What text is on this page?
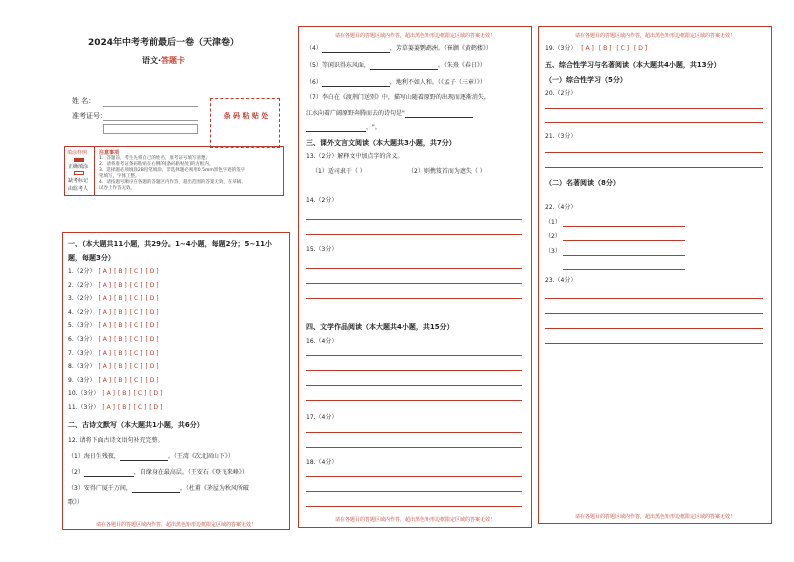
2024年中考考前最后一卷（天津卷）
语文·答题卡
姓 名：
准考证号：	条 码 粘 贴 处
填涂样例
正确填涂
缺考标记
由监考人
注意事项
1．答题前，考生先将自己的姓名，准考证号填写清楚。
2．请将准考证条码粘贴在右侧的[条码粘贴处]的方框内。
3．选择题必须填涂2B铅笔填涂，非选择题必须用0.5mm黑色字迹的签字
笔填写，字体工整。
4．请按题号顺序在各题的答题区内作答，超出范围的答案无效，在草稿、
试卷上作答无效。
一、（本大题共11小题，共29分。1~4小题，每题2分；5~11小
题，每题3分）
1.（2分） [ A ] [ B ] [ C ] [ D ]
2.（2分） [ A ] [ B ] [ C ] [ D ]
3.（2分） [ A ] [ B ] [ C ] [ D ]
4.（2分） [ A ] [ B ] [ C ] [ D ]
5.（3分） [ A ] [ B ] [ C ] [ D ]
6.（3分） [ A ] [ B ] [ C ] [ D ]
7.（3分） [ A ] [ B ] [ C ] [ D ]
8.（3分） [ A ] [ B ] [ C ] [ D ]
9.（3分） [ A ] [ B ] [ C ] [ D ]
10.（3分） [ A ] [ B ] [ C ] [ D ]
11.（3分） [ A ] [ B ] [ C ] [ D ]
二、古诗文默写（本大题共1小题，共6分）
12. 请将下面古诗文语句补充完整。
（1）海日生残夜，	。（王湾《次北固山下》）
（2）	，自缘身在最高层。（王安石《登飞来峰》）
（3）安得广厦千万间，	。（杜甫《茅屋为秋风所破
歌》）
请在各题目的答题区域内作答，超出黑色矩形边框限定区域的答案无效！
请在各题目的答题区域内作答，超出黑色矩形边框限定区域的答案无效！
（4）	，芳草萋萋鹦鹉洲。（崔颢《黄鹤楼》）
（5）等闲识得东风面，	。（朱熹《春日》）
（6）	，地利不如人和。（《孟子（三章）》）
（7）李白在《渡荆门送别》中，描写山随着原野的出现而逐渐消失，
江水向着广阔原野奔腾而去的诗句是"
，"。
三、课外文言文阅读（本大题共3小题，共7分）
13.（2分）解释文中加点字的含义。
（1）适司隶于（ ）	（2）则携笈首而为遮失（ ）
14.（2分）
15.（3分）
四、文学作品阅读（本大题共4小题，共15分）
16.（4分）
17.（4分）
18.（4分）
请在各题目的答题区域内作答，超出黑色矩形边框限定区域的答案无效！
请在各题目的答题区域内作答，超出黑色矩形边框限定区域的答案无效！
19.（3分） [ A ] [ B ] [ C ] [ D ]
五、综合性学习与名著阅读（本大题共4小题，共13分）
（一）综合性学习（5分）
20.（2分）
21.（3分）
（二）名著阅读（8分）
22.（4分）
（1）
（2）
（3）
23.（4分）
请在各题目的答题区域内作答，超出黑色矩形边框限定区域的答案无效！
